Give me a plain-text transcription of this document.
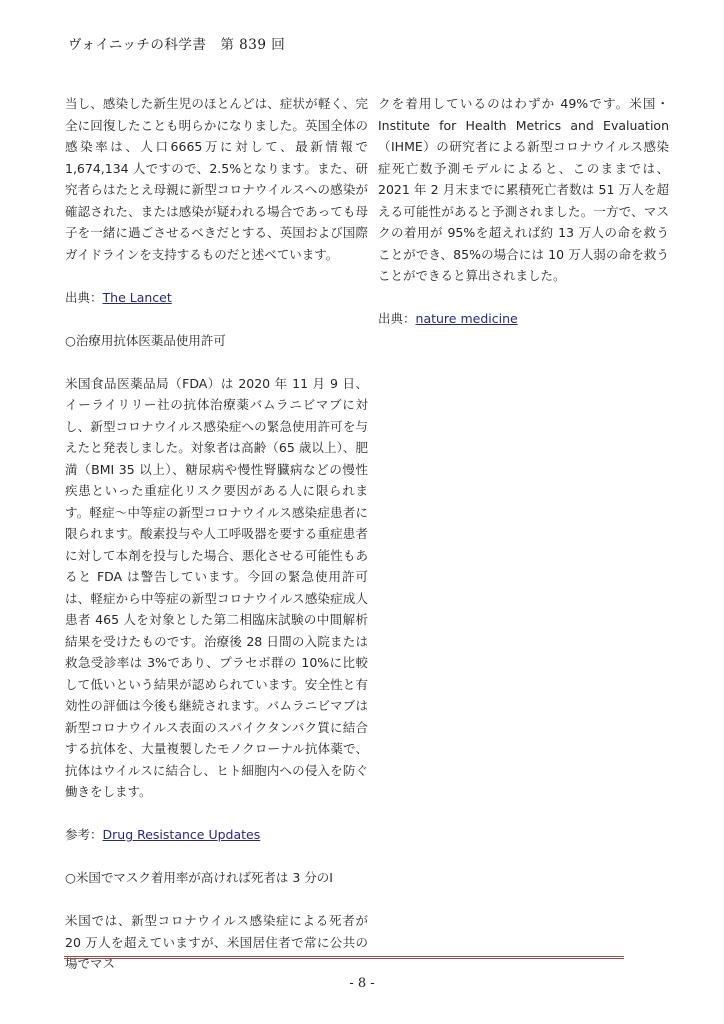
ヴォイニッチの科学書　第 839 回

当し、感染した新生児のほとんどは、症状が軽く、完全に回復したことも明らかになりました。英国全体の感染率は、人口6665万に対して、最新情報で 1,674,134 人ですので、2.5%となります。また、研究者らはたとえ母親に新型コロナウイルスへの感染が確認された、または感染が疑われる場合であっても母子を一緒に過ごさせるべきだとする、英国および国際ガイドラインを支持するものだと述べています。

出典：The Lancet

○治療用抗体医薬品使用許可

米国食品医薬品局（FDA）は 2020 年 11 月 9 日、イーライリリー社の抗体治療薬バムラニビマブに対し、新型コロナウイルス感染症への緊急使用許可を与えたと発表しました。対象者は高齢（65 歳以上）、肥満（BMI 35 以上）、糖尿病や慢性腎臓病などの慢性疾患といった重症化リスク要因がある人に限られます。軽症～中等症の新型コロナウイルス感染症患者に限られます。酸素投与や人工呼吸器を要する重症患者に対して本剤を投与した場合、悪化させる可能性もあると FDA は警告しています。今回の緊急使用許可は、軽症から中等症の新型コロナウイルス感染症成人患者 465 人を対象とした第二相臨床試験の中間解析結果を受けたものです。治療後 28 日間の入院または救急受診率は 3%であり、プラセボ群の 10%に比較して低いという結果が認められています。安全性と有効性の評価は今後も継続されます。バムラニビマブは新型コロナウイルス表面のスパイクタンパク質に結合する抗体を、大量複製したモノクローナル抗体薬で、抗体はウイルスに結合し、ヒト細胞内への侵入を防ぐ働きをします。

参考：Drug Resistance Updates

○米国でマスク着用率が高ければ死者は 3 分のⅠ

米国では、新型コロナウイルス感染症による死者が 20 万人を超えていますが、米国居住者で常に公共の場でマス

クを着用しているのはわずか 49%です。米国・Institute for Health Metrics and Evaluation（IHME）の研究者による新型コロナウイルス感染症死亡数予測モデルによると、このままでは、2021 年 2 月末までに累積死亡者数は 51 万人を超える可能性があると予測されました。一方で、マスクの着用が 95%を超えれば約 13 万人の命を救うことができ、85%の場合には 10 万人弱の命を救うことができると算出されました。

出典：nature medicine

- 8 -
